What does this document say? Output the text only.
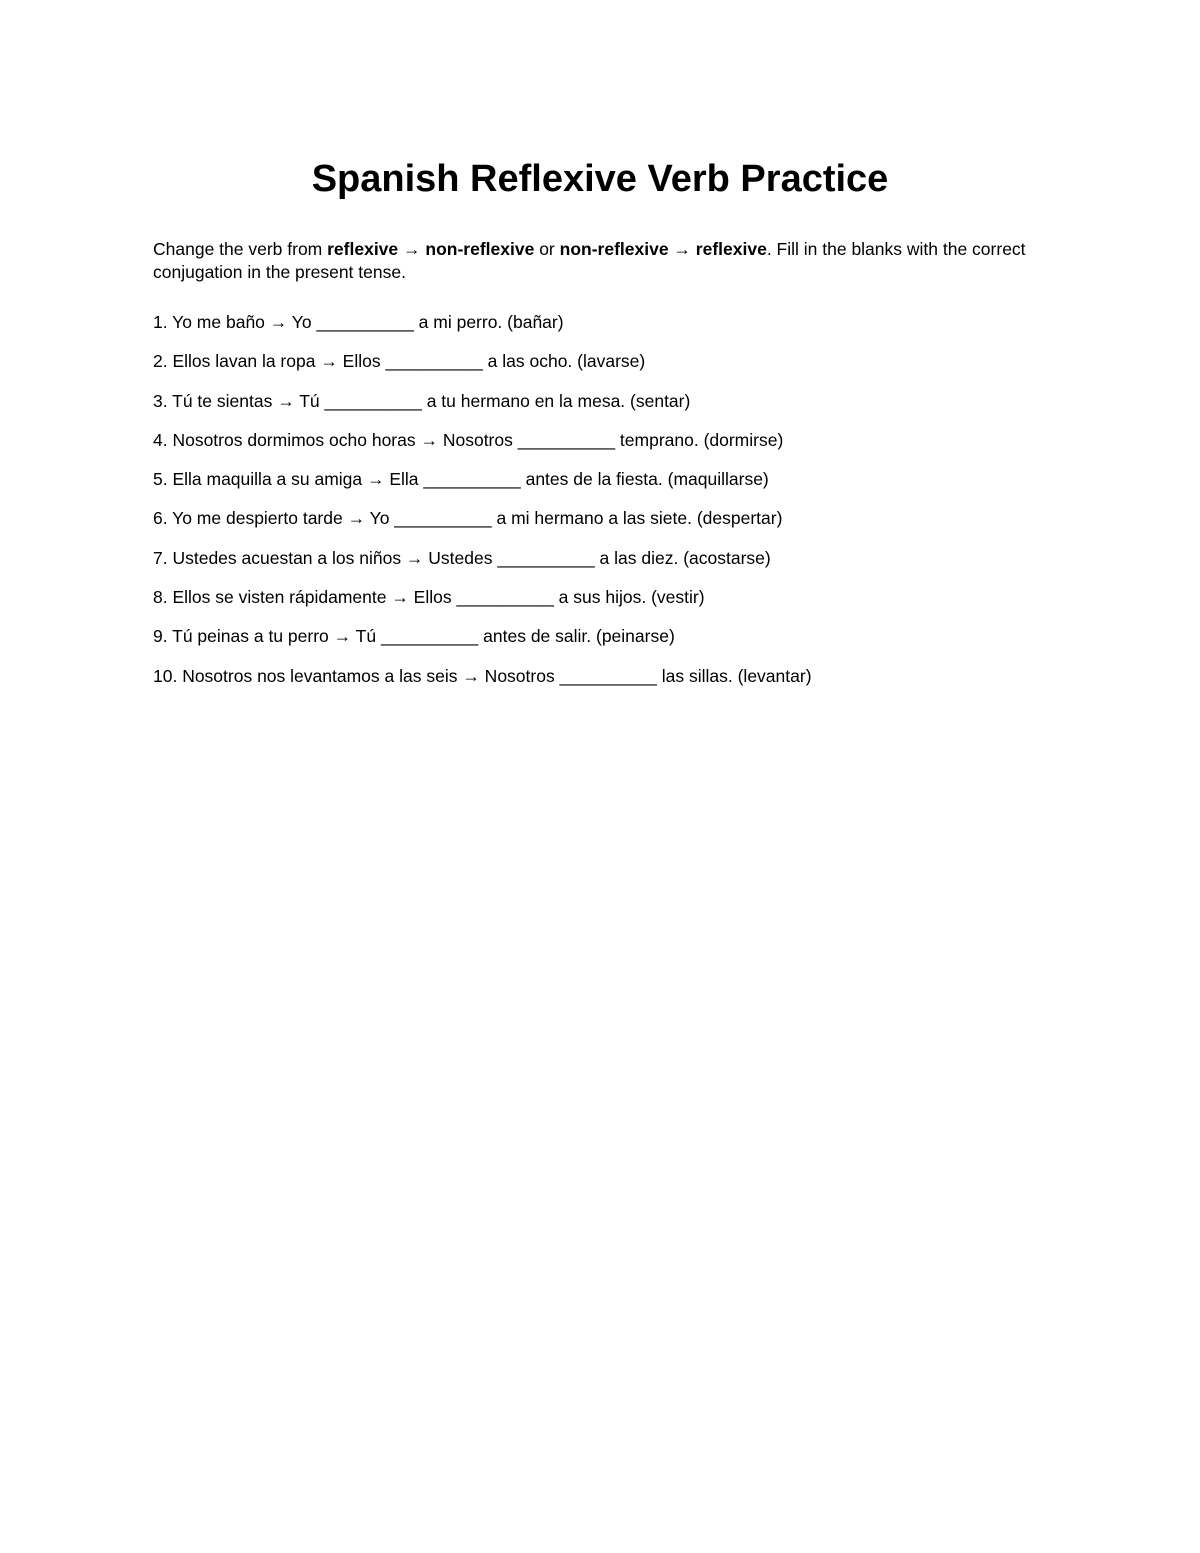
Spanish Reflexive Verb Practice

Change the verb from reflexive → non-reflexive or non-reflexive → reflexive. Fill in the blanks with the correct conjugation in the present tense.

1. Yo me baño → Yo __________ a mi perro. (bañar)
2. Ellos lavan la ropa → Ellos __________ a las ocho. (lavarse)
3. Tú te sientas → Tú __________ a tu hermano en la mesa. (sentar)
4. Nosotros dormimos ocho horas → Nosotros __________ temprano. (dormirse)
5. Ella maquilla a su amiga → Ella __________ antes de la fiesta. (maquillarse)
6. Yo me despierto tarde → Yo __________ a mi hermano a las siete. (despertar)
7. Ustedes acuestan a los niños → Ustedes __________ a las diez. (acostarse)
8. Ellos se visten rápidamente → Ellos __________ a sus hijos. (vestir)
9. Tú peinas a tu perro → Tú __________ antes de salir. (peinarse)
10. Nosotros nos levantamos a las seis → Nosotros __________ las sillas. (levantar)
